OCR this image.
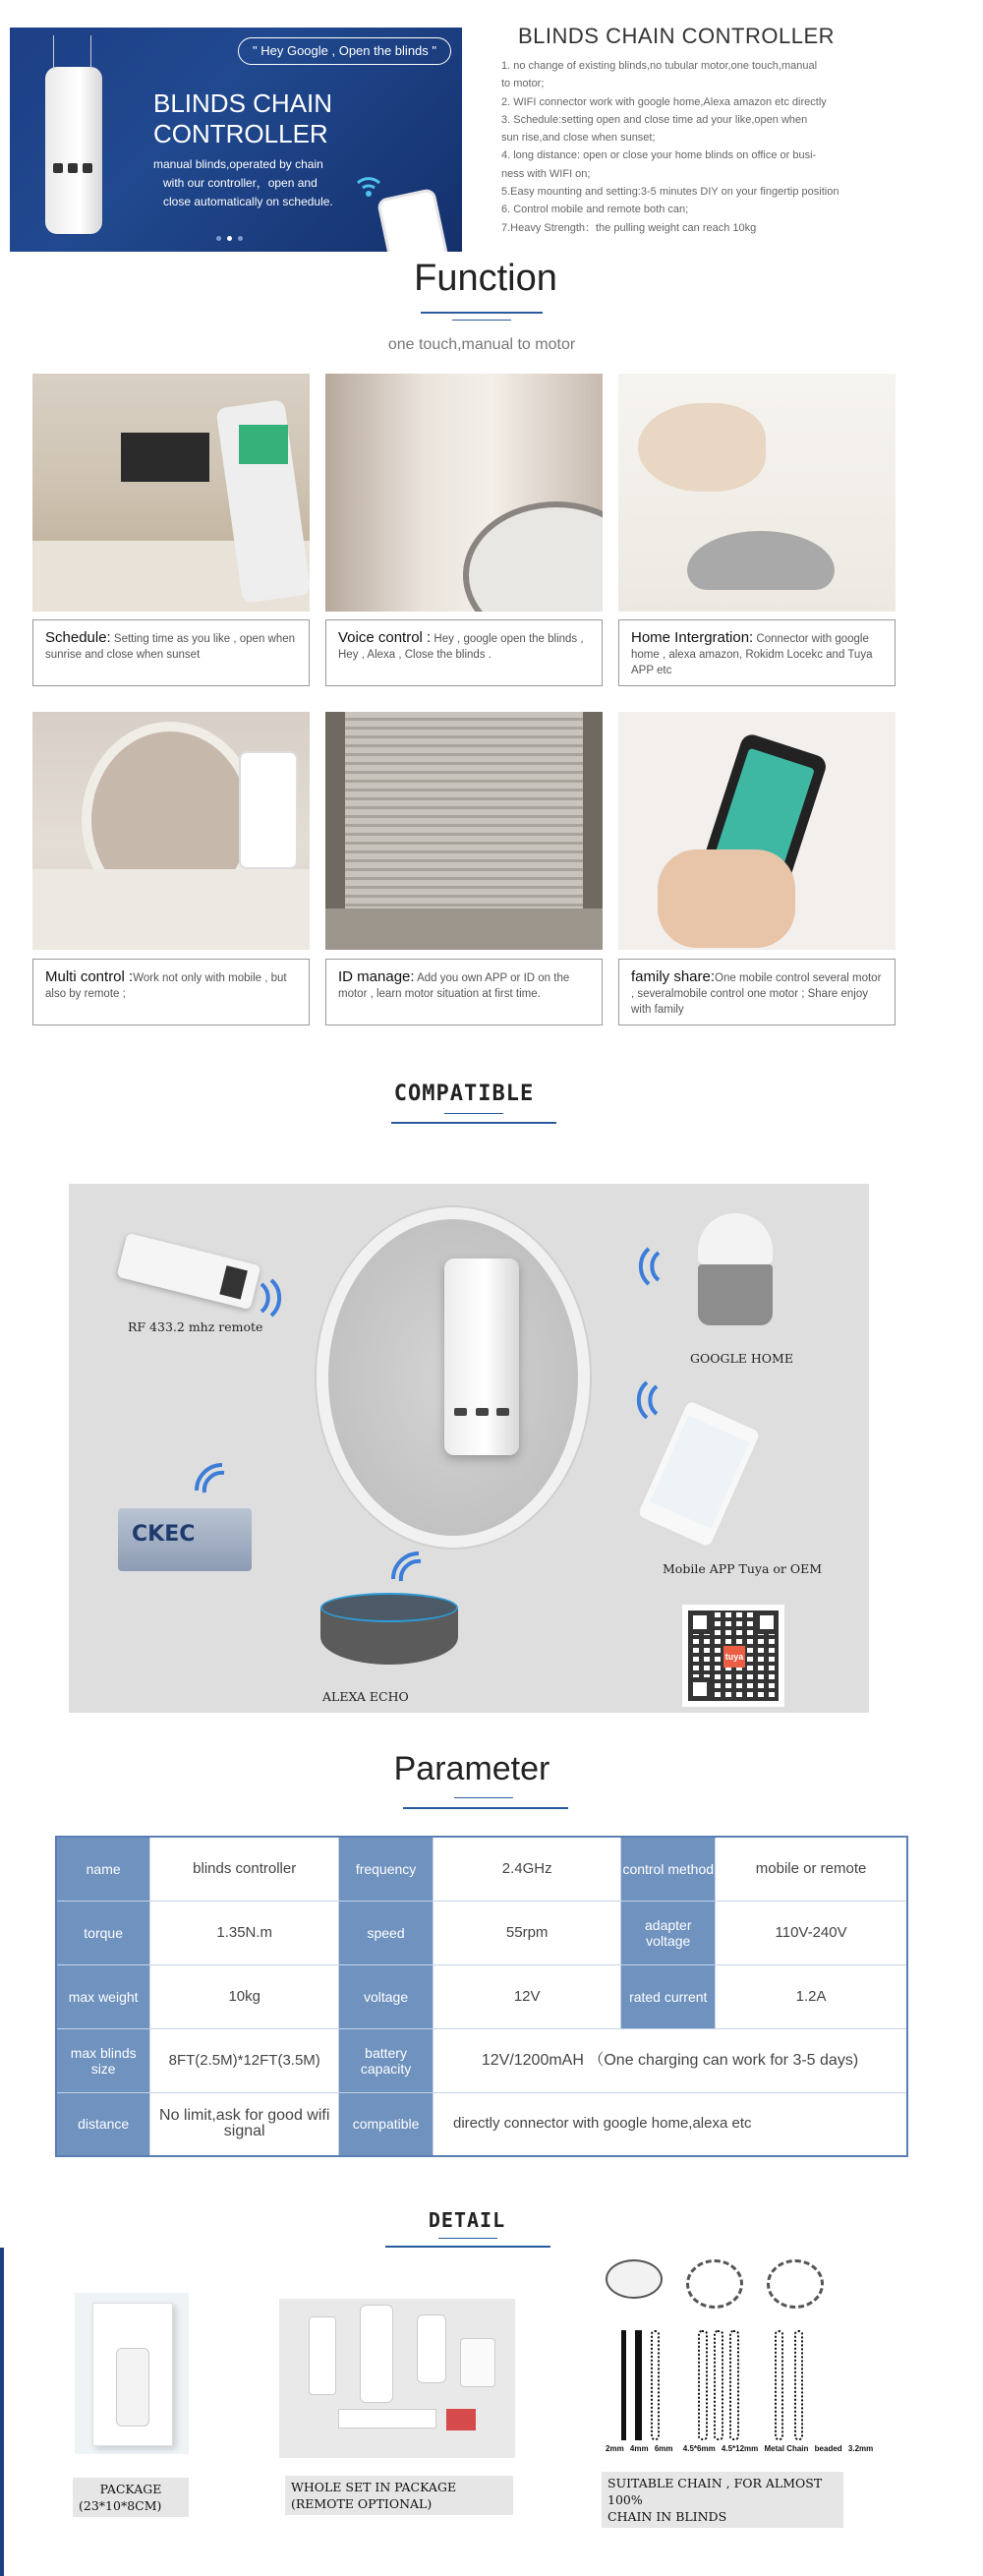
" Hey Google , Open the blinds "
BLINDS CHAIN
CONTROLLER
manual blinds,operated by chain
with our controller，open and
close automatically on schedule.
BLINDS CHAIN CONTROLLER
1. no change of existing blinds,no tubular motor,one touch,manual
to motor;
2. WIFI connector work with google home,Alexa amazon etc directly
3. Schedule:setting open and close time ad your like,open when
sun rise,and close when sunset;
4. long distance: open or close your home blinds on office or busi-
ness with WIFI on;
5.Easy mounting and setting:3-5 minutes DIY on your fingertip position
6. Control mobile and remote both can;
7.Heavy Strength：the pulling weight can reach 10kg
Function
one touch,manual to motor
Schedule: Setting time as you like , open when sunrise and close when sunset
Voice control : Hey , google open the blinds , Hey , Alexa , Close the blinds .
Home Intergration: Connector with google home , alexa amazon, Rokidm Locekc and Tuya APP etc
Multi control :Work not only with mobile , but also by remote ;
ID manage: Add you own APP or ID on the motor , learn motor situation at first time.
family share:One mobile control several motor , severalmobile control one motor ; Share enjoy with family
COMPATIBLE
RF 433.2 mhz remote
GOOGLE HOME
Mobile APP Tuya or OEM
CKEC
ALEXA ECHO
tuya
Parameter
name	blinds controller	frequency	2.4GHz	control method	mobile or remote
torque	1.35N.m	speed	55rpm	adapter voltage	110V-240V
max weight	10kg	voltage	12V	rated current	1.2A
max blinds size	8FT(2.5M)*12FT(3.5M)	battery capacity	12V/1200mAH （One charging can work for 3-5 days)		
distance	No limit,ask for good wifi signal	compatible	directly connector with google home,alexa etc		
DETAIL
PACKAGE
(23*10*8CM)
WHOLE SET IN PACKAGE
(REMOTE OPTIONAL)
2mm 4mm 6mm 4.5*6mm 4.5*12mm Metal Chain beaded 3.2mm
SUITABLE CHAIN , FOR ALMOST 100%
CHAIN IN BLINDS
